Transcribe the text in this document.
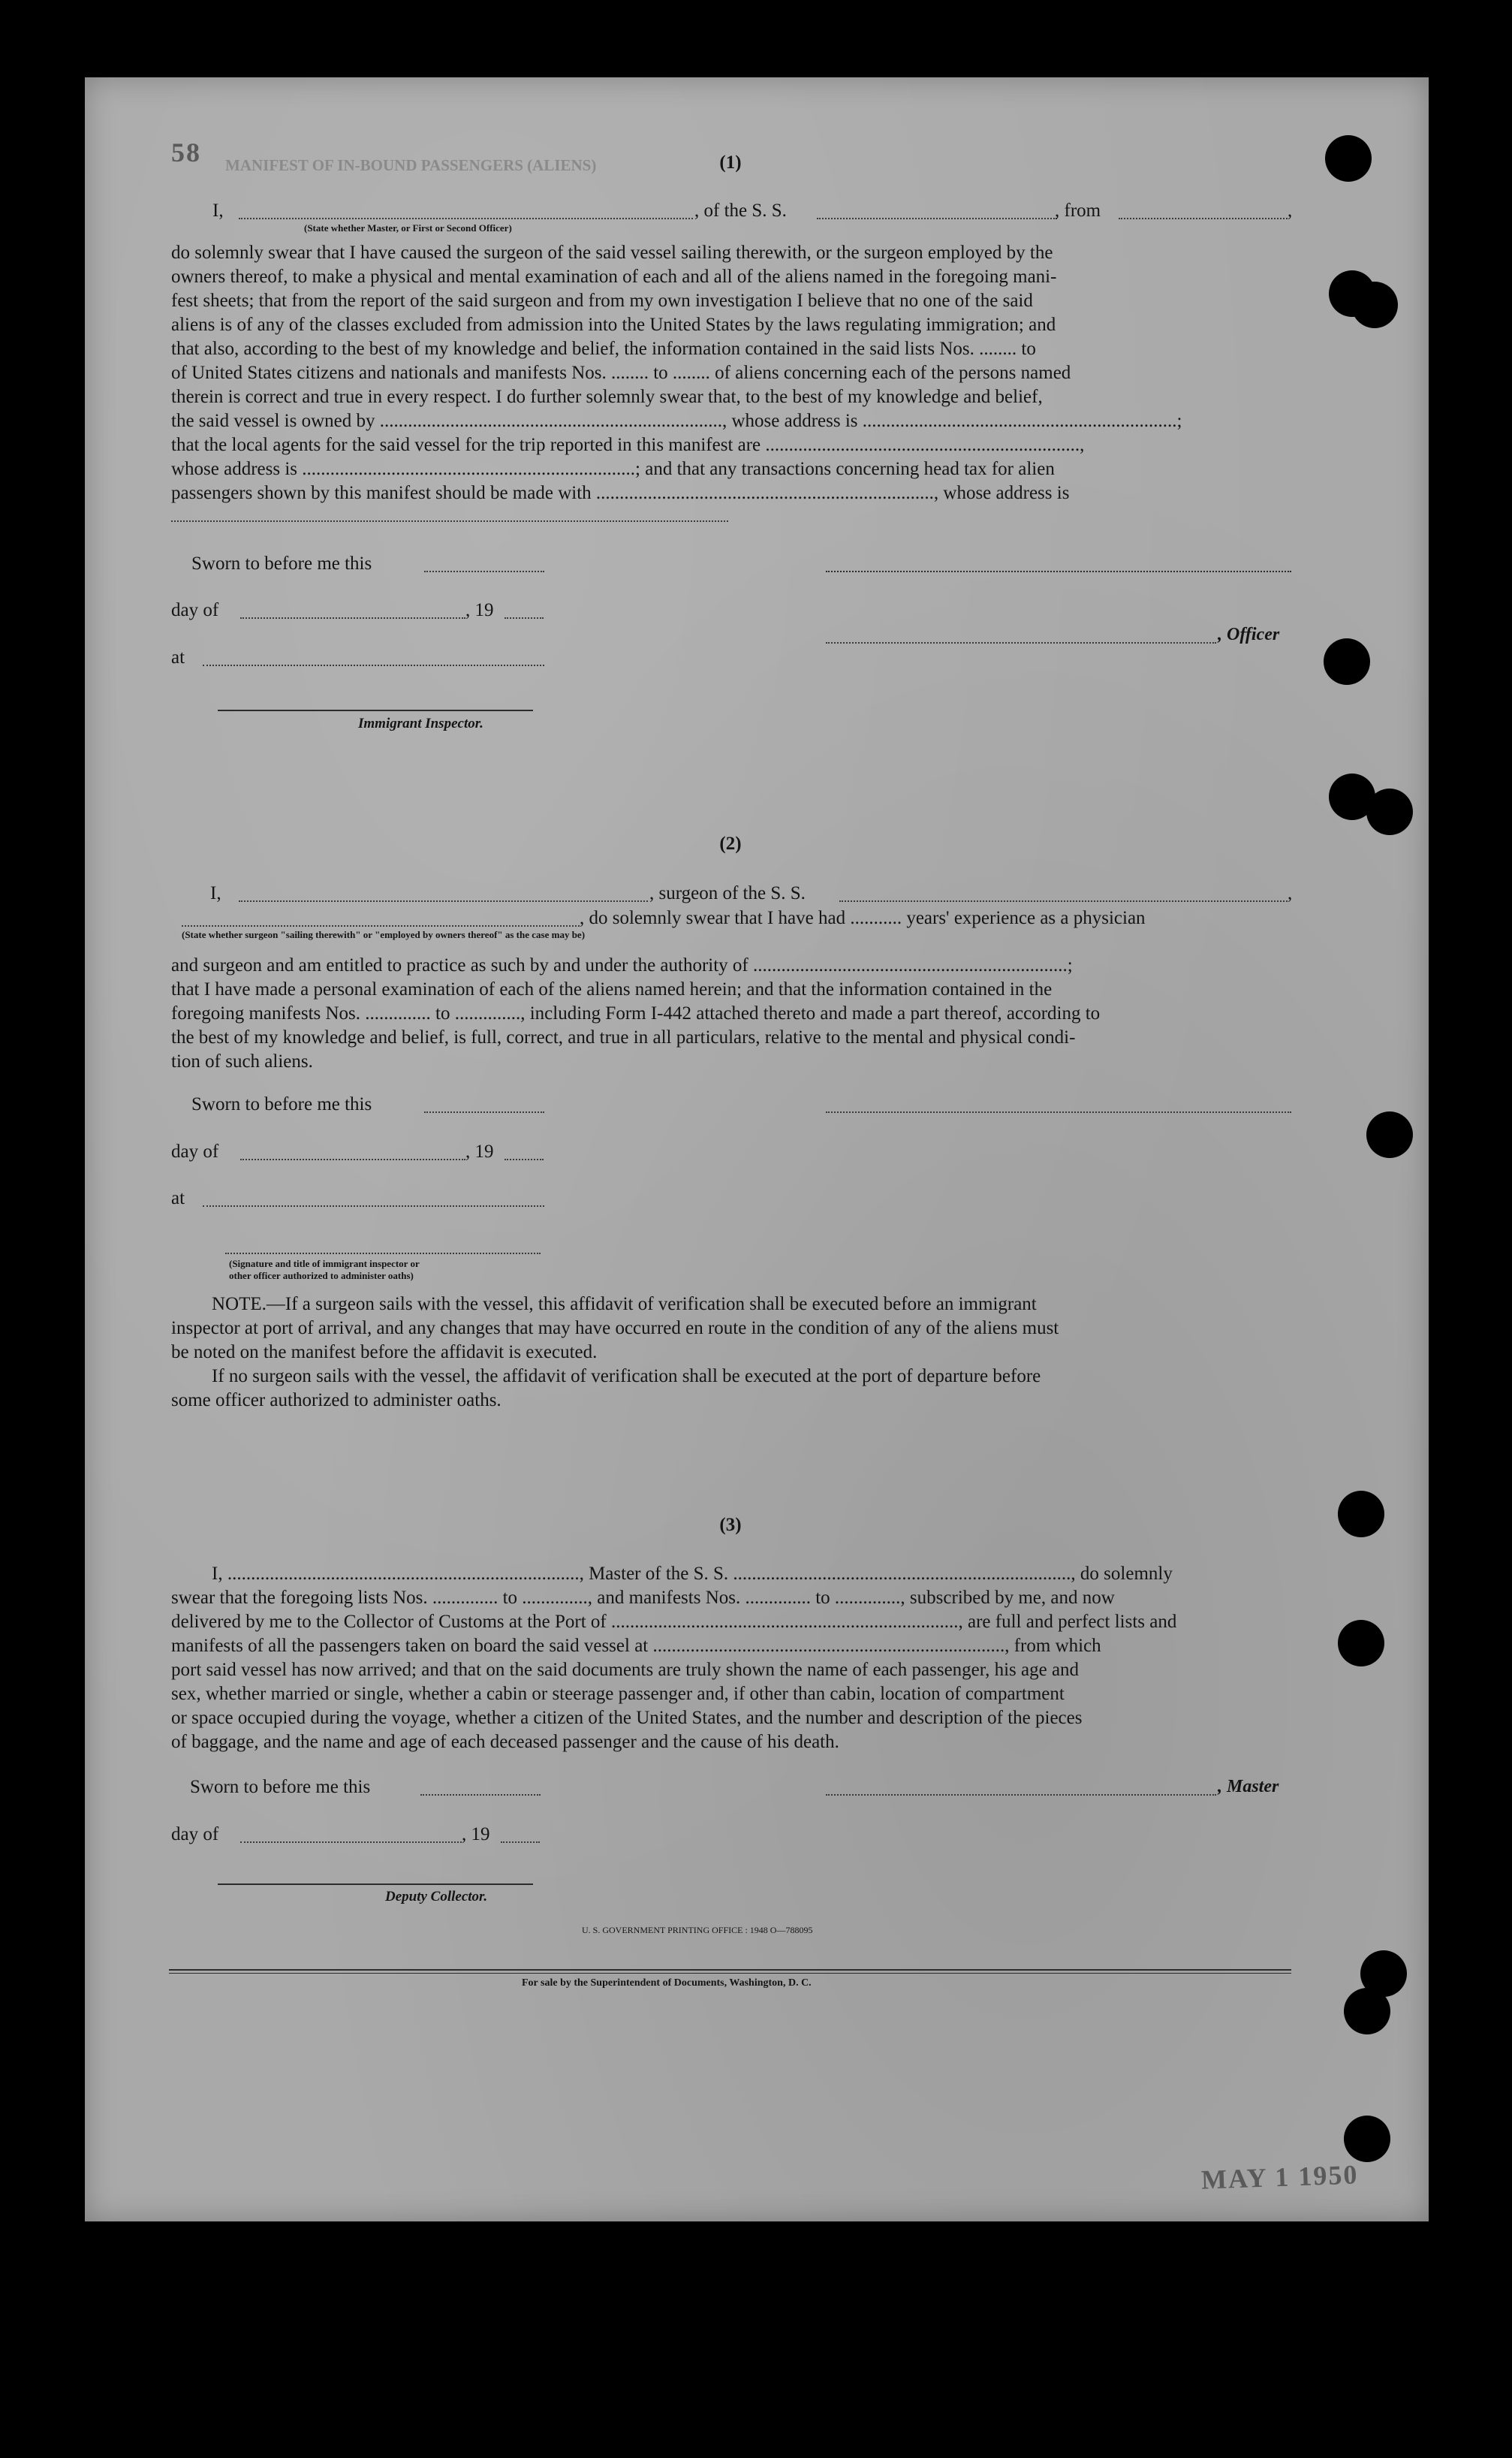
58 MANIFEST OF IN-BOUND PASSENGERS (ALIENS)	(1)
I,	, of the S. S.	, from	,
(State whether Master, or First or Second Officer)
do solemnly swear that I have caused the surgeon of the said vessel sailing therewith, or the surgeon employed by the
owners thereof, to make a physical and mental examination of each and all of the aliens named in the foregoing mani-
fest sheets; that from the report of the said surgeon and from my own investigation I believe that no one of the said
aliens is of any of the classes excluded from admission into the United States by the laws regulating immigration; and
that also, according to the best of my knowledge and belief, the information contained in the said lists Nos. ........ to
of United States citizens and nationals and manifests Nos. ........ to ........ of aliens concerning each of the persons named
therein is correct and true in every respect. I do further solemnly swear that, to the best of my knowledge and belief,
the said vessel is owned by ........................................................................., whose address is ...................................................................;
that the local agents for the said vessel for the trip reported in this manifest are ...................................................................,
whose address is .......................................................................; and that any transactions concerning head tax for alien
passengers shown by this manifest should be made with ........................................................................, whose address is
Sworn to before me this
day of	, 19
, Officer
at
Immigrant Inspector.
(2)
I,	, surgeon of the S. S.	,
, do solemnly swear that I have had ........... years' experience as a physician
(State whether surgeon "sailing therewith" or "employed by owners thereof" as the case may be)
and surgeon and am entitled to practice as such by and under the authority of ...................................................................;
that I have made a personal examination of each of the aliens named herein; and that the information contained in the
foregoing manifests Nos. .............. to .............., including Form I-442 attached thereto and made a part thereof, according to
the best of my knowledge and belief, is full, correct, and true in all particulars, relative to the mental and physical condi-
tion of such aliens.
Sworn to before me this
day of	, 19
at
(Signature and title of immigrant inspector or
other officer authorized to administer oaths)
NOTE.—If a surgeon sails with the vessel, this affidavit of verification shall be executed before an immigrant
inspector at port of arrival, and any changes that may have occurred en route in the condition of any of the aliens must
be noted on the manifest before the affidavit is executed.
If no surgeon sails with the vessel, the affidavit of verification shall be executed at the port of departure before
some officer authorized to administer oaths.
(3)
I, ..........................................................................., Master of the S. S. ........................................................................, do solemnly
swear that the foregoing lists Nos. .............. to .............., and manifests Nos. .............. to .............., subscribed by me, and now
delivered by me to the Collector of Customs at the Port of .........................................................................., are full and perfect lists and
manifests of all the passengers taken on board the said vessel at ..........................................................................., from which
port said vessel has now arrived; and that on the said documents are truly shown the name of each passenger, his age and
sex, whether married or single, whether a cabin or steerage passenger and, if other than cabin, location of compartment
or space occupied during the voyage, whether a citizen of the United States, and the number and description of the pieces
of baggage, and the name and age of each deceased passenger and the cause of his death.
Sworn to before me this	, Master
day of	, 19
Deputy Collector.
U. S. GOVERNMENT PRINTING OFFICE : 1948 O—788095
For sale by the Superintendent of Documents, Washington, D. C.
MAY 1 1950
